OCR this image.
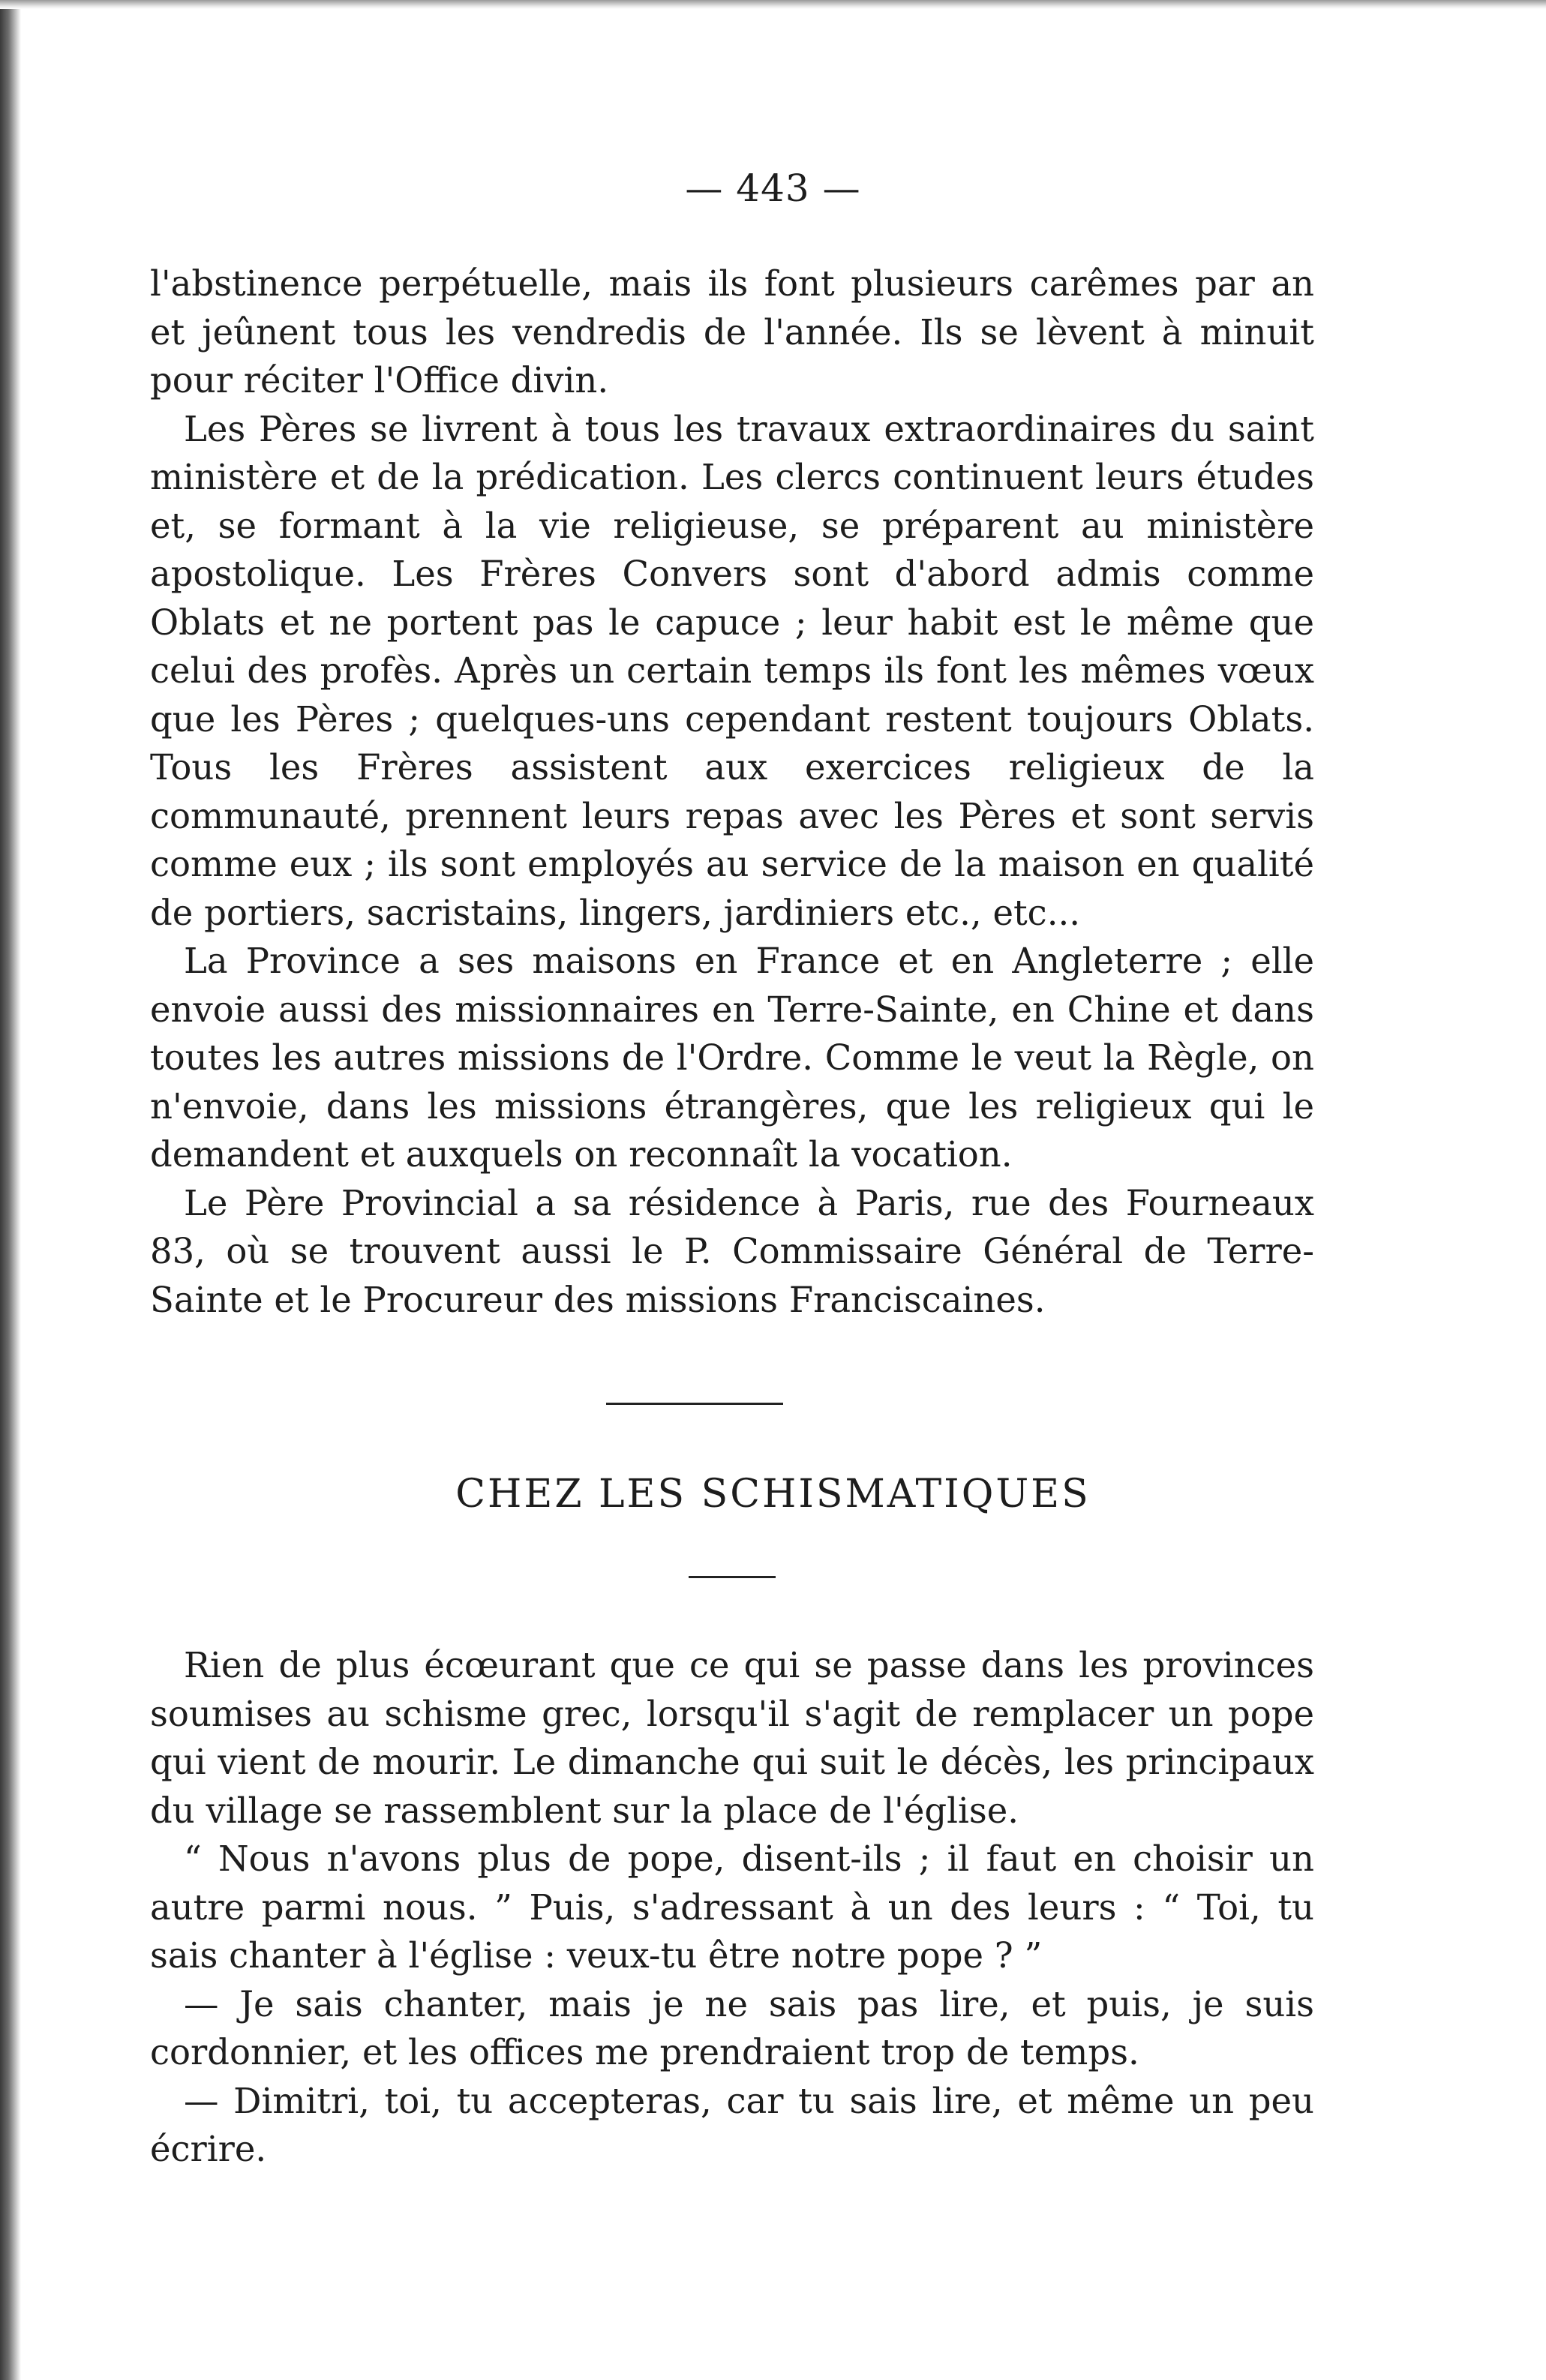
— 443 —

l'abstinence perpétuelle, mais ils font plusieurs carêmes par an et jeûnent tous les vendredis de l'année. Ils se lèvent à minuit pour réciter l'Office divin.

Les Pères se livrent à tous les travaux extraordinaires du saint ministère et de la prédication. Les clercs continuent leurs études et, se formant à la vie religieuse, se préparent au ministère apostolique. Les Frères Convers sont d'abord admis comme Oblats et ne portent pas le capuce ; leur habit est le même que celui des profès. Après un certain temps ils font les mêmes vœux que les Pères ; quelques-uns cependant restent toujours Oblats. Tous les Frères assistent aux exercices religieux de la communauté, prennent leurs repas avec les Pères et sont servis comme eux ; ils sont employés au service de la maison en qualité de portiers, sacristains, lingers, jardiniers etc., etc...

La Province a ses maisons en France et en Angleterre ; elle envoie aussi des missionnaires en Terre-Sainte, en Chine et dans toutes les autres missions de l'Ordre. Comme le veut la Règle, on n'envoie, dans les missions étrangères, que les religieux qui le demandent et auxquels on reconnaît la vocation.

Le Père Provincial a sa résidence à Paris, rue des Fourneaux 83, où se trouvent aussi le P. Commissaire Général de Terre-Sainte et le Procureur des missions Franciscaines.

CHEZ LES SCHISMATIQUES

Rien de plus écœurant que ce qui se passe dans les provinces soumises au schisme grec, lorsqu'il s'agit de remplacer un pope qui vient de mourir. Le dimanche qui suit le décès, les principaux du village se rassemblent sur la place de l'église.

“ Nous n'avons plus de pope, disent-ils ; il faut en choisir un autre parmi nous. ” Puis, s'adressant à un des leurs : “ Toi, tu sais chanter à l'église : veux-tu être notre pope ? ”

— Je sais chanter, mais je ne sais pas lire, et puis, je suis cordonnier, et les offices me prendraient trop de temps.

— Dimitri, toi, tu accepteras, car tu sais lire, et même un peu écrire.
